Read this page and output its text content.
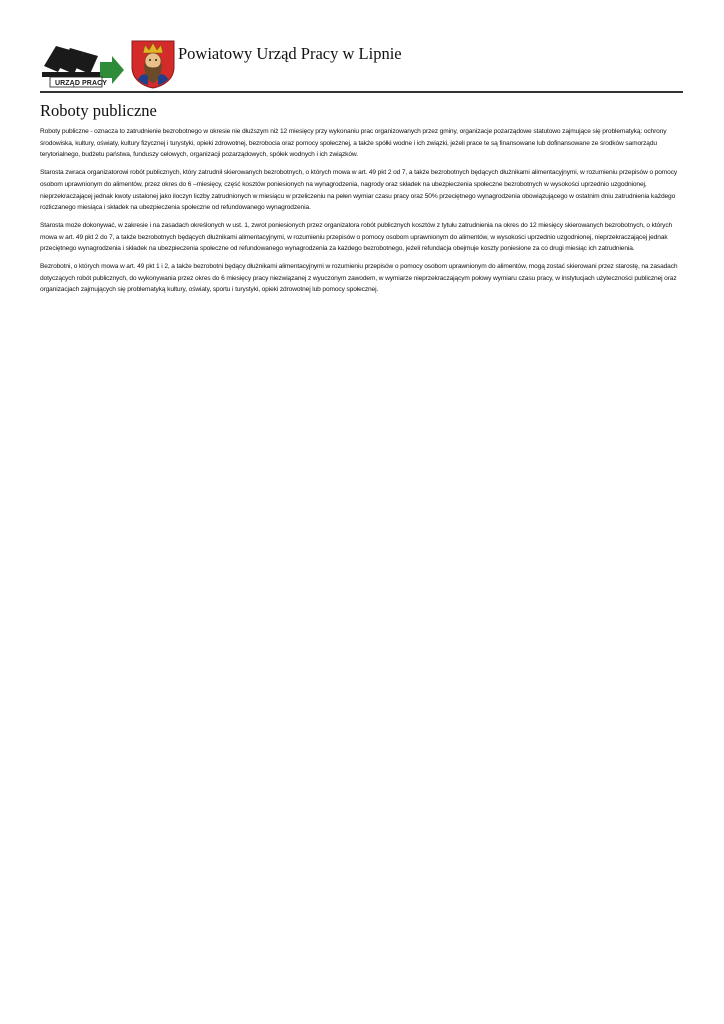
URZĄD PRACY
Powiatowy Urząd Pracy w Lipnie
Roboty publiczne

Roboty publiczne - oznacza to zatrudnienie bezrobotnego w okresie nie dłuższym niż 12 miesięcy przy wykonaniu prac organizowanych przez gminy, organizacje pozarządowe statutowo zajmujące się problematyką: ochrony środowiska, kultury, oświaty, kultury fizycznej i turystyki, opieki zdrowotnej, bezrobocia oraz pomocy społecznej, a także spółki wodne i ich związki, jeżeli prace te są finansowane lub dofinansowane ze środków samorządu terytorialnego, budżetu państwa, funduszy celowych, organizacji pozarządowych, spółek wodnych i ich związków.

Starosta zwraca organizatorowi robót publicznych, który zatrudnił skierowanych bezrobotnych, o których mowa w art. 49 pkt 2 od 7, a także bezrobotnych będących dłużnikami alimentacyjnymi, w rozumieniu przepisów o pomocy osobom uprawnionym do alimentów, przez okres do 6 –miesięcy, część kosztów poniesionych na wynagrodzenia, nagrody oraz składek na ubezpieczenia społeczne bezrobotnych w wysokości uprzednio uzgodnionej, nieprzekraczającej jednak kwoty ustalonej jako iloczyn liczby zatrudnionych w miesiącu w przeliczeniu na pełen wymiar czasu pracy oraz 50% przeciętnego wynagrodzenia obowiązującego w ostatnim dniu zatrudnienia każdego rozliczanego miesiąca i składek na ubezpieczenia społeczne od refundowanego wynagrodzenia.

Starosta może dokonywać, w zakresie i na zasadach określonych w ust. 1, zwrot poniesionych przez organizatora robót publicznych kosztów z tytułu zatrudnienia na okres do 12 miesięcy skierowanych bezrobotnych, o których mowa w art. 49 pkt 2 do 7, a także bezrobotnych będących dłużnikami alimentacyjnymi, w rozumieniu przepisów o pomocy osobom uprawnionym do alimentów, w wysokości uprzednio uzgodnionej, nieprzekraczającej jednak przeciętnego wynagrodzenia i składek na ubezpieczenia społeczne od refundowanego wynagrodzenia za każdego bezrobotnego, jeżeli refundacja obejmuje koszty poniesione za co drugi miesiąc ich zatrudnienia.

Bezrobotni, o których mowa w art. 49 pkt 1 i 2, a także bezrobotni będący dłużnikami alimentacyjnymi w rozumieniu przepisów o pomocy osobom uprawnionym do alimentów, mogą zostać skierowani przez starostę, na zasadach dotyczących robót publicznych, do wykonywania przez okres do 6 miesięcy pracy niezwiązanej z wyuczonym zawodem, w wymiarze nieprzekraczającym połowy wymiaru czasu pracy, w instytucjach użyteczności publicznej oraz organizacjach zajmujących się problematyką kultury, oświaty, sportu i turystyki, opieki zdrowotnej lub pomocy społecznej.
